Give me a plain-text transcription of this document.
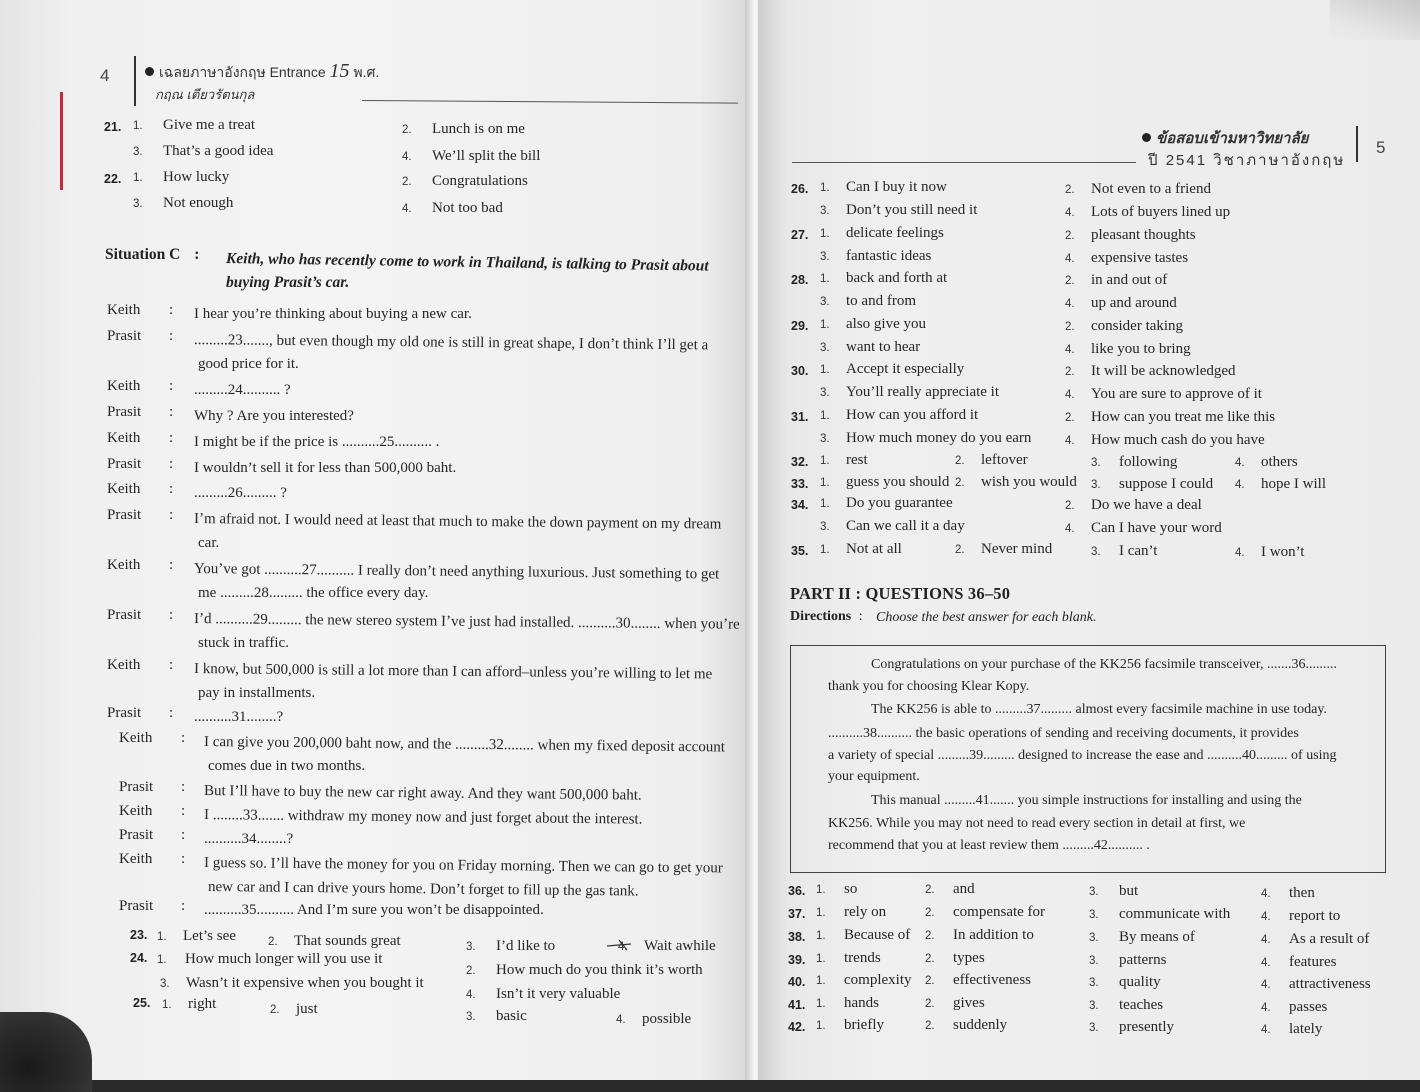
4	เฉลยภาษาอังกฤษ Entrance 15 พ.ศ.
กฤณ เตียวรัตนกุล
21. 1. Give me a treat	2. Lunch is on me
3. That’s a good idea	4. We’ll split the bill
22. 1. How lucky	2. Congratulations
3. Not enough	4. Not too bad
Situation C : Keith, who has recently come to work in Thailand, is talking to Prasit about
buying Prasit’s car.
Keith : I hear you’re thinking about buying a new car.
Prasit : .........23......., but even though my old one is still in great shape, I don’t think I’ll get a
good price for it.
Keith : .........24.......... ?
Prasit : Why ? Are you interested?
Keith : I might be if the price is ..........25.......... .
Prasit : I wouldn’t sell it for less than 500,000 baht.
Keith : .........26......... ?
Prasit : I’m afraid not. I would need at least that much to make the down payment on my dream
car.
Keith : You’ve got ..........27.......... I really don’t need anything luxurious. Just something to get
me .........28......... the office every day.
Prasit : I’d ..........29......... the new stereo system I’ve just had installed. ..........30........ when you’re
stuck in traffic.
Keith : I know, but 500,000 is still a lot more than I can afford–unless you’re willing to let me
pay in installments.
Prasit : ..........31........?
Keith : I can give you 200,000 baht now, and the .........32........ when my fixed deposit account
comes due in two months.
Prasit : But I’ll have to buy the new car right away. And they want 500,000 baht.
Keith : I ........33....... withdraw my money now and just forget about the interest.
Prasit : ..........34........?
Keith : I guess so. I’ll have the money for you on Friday morning. Then we can go to get your
new car and I can drive yours home. Don’t forget to fill up the gas tank.
Prasit : ..........35.......... And I’m sure you won’t be disappointed.
23. 1. Let’s see	2. That sounds great	3. I’d like to	4. Wait awhile
24. 1. How much longer will you use it
2. How much do you think it’s worth
3. Wasn’t it expensive when you bought it
4. Isn’t it very valuable
25. 1. right	2. just	3. basic	4. possible
ข้อสอบเข้ามหาวิทยาลัย
ปี 2541 วิชาภาษาอังกฤษ
5
26. 1. Can I buy it now	2. Not even to a friend
3. Don’t you still need it	4. Lots of buyers lined up
27. 1. delicate feelings	2. pleasant thoughts
3. fantastic ideas	4. expensive tastes
28. 1. back and forth at	2. in and out of
3. to and from	4. up and around
29. 1. also give you	2. consider taking
3. want to hear	4. like you to bring
30. 1. Accept it especially	2. It will be acknowledged
3. You’ll really appreciate it	4. You are sure to approve of it
31. 1. How can you afford it	2. How can you treat me like this
3. How much money do you earn	4. How much cash do you have
32. 1. rest	2. leftover	3. following	4. others
33. 1. guess you should 2. wish you would 3. suppose I could 4. hope I will
34. 1. Do you guarantee	2. Do we have a deal
3. Can we call it a day	4. Can I have your word
35. 1. Not at all	2. Never mind	3. I can’t	4. I won’t
PART II : QUESTIONS 36–50
Directions : Choose the best answer for each blank.
Congratulations on your purchase of the KK256 facsimile transceiver, .......36.........
thank you for choosing Klear Kopy.
The KK256 is able to .........37......... almost every facsimile machine in use today.
..........38.......... the basic operations of sending and receiving documents, it provides
a variety of special .........39......... designed to increase the ease and ..........40......... of using
your equipment.
This manual .........41....... you simple instructions for installing and using the
KK256. While you may not need to read every section in detail at first, we
recommend that you at least review them .........42.......... .
36. 1. so	2. and	3. but	4. then
37. 1. rely on	2. compensate for	3. communicate with	4. report to
38. 1. Because of 2. In addition to	3. By means of	4. As a result of
39. 1. trends	2. types	3. patterns	4. features
40. 1. complexity 2. effectiveness	3. quality	4. attractiveness
41. 1. hands	2. gives	3. teaches	4. passes
42. 1. briefly	2. suddenly	3. presently	4. lately
